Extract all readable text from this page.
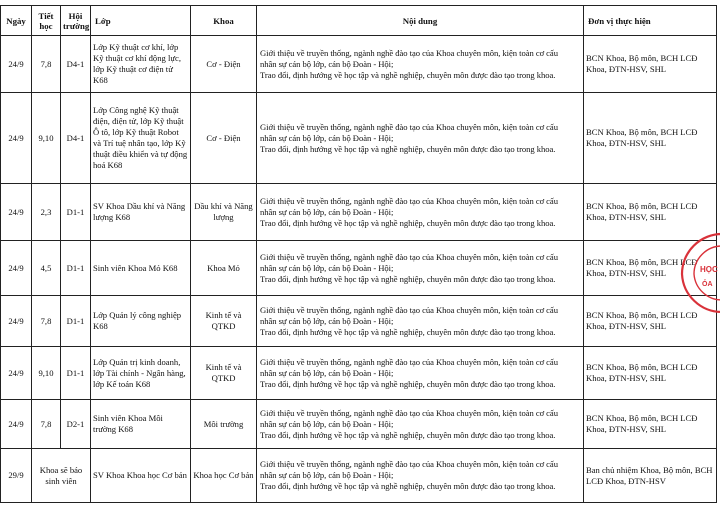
Ngày	Tiết học	Hội trường	Lớp	Khoa	Nội dung	Đơn vị thực hiện
24/9	7,8	D4-1	Lớp Kỹ thuật cơ khí, lớp Kỹ thuật cơ khí động lực, lớp Kỹ thuật cơ điện tử K68	Cơ - Điện	Giới thiệu về truyền thống, ngành nghề đào tạo của Khoa chuyên môn, kiện toàn cơ cấu
nhân sự cán bộ lớp, cán bộ Đoàn - Hội;
Trao đổi, định hướng về học tập và nghề nghiệp, chuyên môn được đào tạo trong khoa.	BCN Khoa, Bộ môn, BCH LCĐ Khoa, ĐTN-HSV, SHL
24/9	9,10	D4-1	Lớp Công nghệ Kỹ thuật điện, điện tử, lớp Kỹ thuật Ô tô, lớp Kỹ thuật Robot và Trí tuệ nhân tạo, lớp Kỹ thuật điều khiển và tự động hoá K68	Cơ - Điện	Giới thiệu về truyền thống, ngành nghề đào tạo của Khoa chuyên môn, kiện toàn cơ cấu
nhân sự cán bộ lớp, cán bộ Đoàn - Hội;
Trao đổi, định hướng về học tập và nghề nghiệp, chuyên môn được đào tạo trong khoa.	BCN Khoa, Bộ môn, BCH LCĐ Khoa, ĐTN-HSV, SHL
24/9	2,3	D1-1	SV Khoa Dầu khí và Năng lượng K68	Dầu khí và Năng lượng	Giới thiệu về truyền thống, ngành nghề đào tạo của Khoa chuyên môn, kiện toàn cơ cấu
nhân sự cán bộ lớp, cán bộ Đoàn - Hội;
Trao đổi, định hướng về học tập và nghề nghiệp, chuyên môn được đào tạo trong khoa.	BCN Khoa, Bộ môn, BCH LCĐ Khoa, ĐTN-HSV, SHL
24/9	4,5	D1-1	Sinh viên Khoa Mỏ K68	Khoa Mỏ	Giới thiệu về truyền thống, ngành nghề đào tạo của Khoa chuyên môn, kiện toàn cơ cấu
nhân sự cán bộ lớp, cán bộ Đoàn - Hội;
Trao đổi, định hướng về học tập và nghề nghiệp, chuyên môn được đào tạo trong khoa.	BCN Khoa, Bộ môn, BCH LCĐ Khoa, ĐTN-HSV, SHL
24/9	7,8	D1-1	Lớp Quản lý công nghiệp K68	Kinh tế và QTKD	Giới thiệu về truyền thống, ngành nghề đào tạo của Khoa chuyên môn, kiện toàn cơ cấu
nhân sự cán bộ lớp, cán bộ Đoàn - Hội;
Trao đổi, định hướng về học tập và nghề nghiệp, chuyên môn được đào tạo trong khoa.	BCN Khoa, Bộ môn, BCH LCĐ Khoa, ĐTN-HSV, SHL
24/9	9,10	D1-1	Lớp Quản trị kinh doanh, lớp Tài chính - Ngân hàng, lớp Kế toán K68	Kinh tế và QTKD	Giới thiệu về truyền thống, ngành nghề đào tạo của Khoa chuyên môn, kiện toàn cơ cấu
nhân sự cán bộ lớp, cán bộ Đoàn - Hội;
Trao đổi, định hướng về học tập và nghề nghiệp, chuyên môn được đào tạo trong khoa.	BCN Khoa, Bộ môn, BCH LCĐ Khoa, ĐTN-HSV, SHL
24/9	7,8	D2-1	Sinh viên Khoa Môi trường K68	Môi trường	Giới thiệu về truyền thống, ngành nghề đào tạo của Khoa chuyên môn, kiện toàn cơ cấu
nhân sự cán bộ lớp, cán bộ Đoàn - Hội;
Trao đổi, định hướng về học tập và nghề nghiệp, chuyên môn được đào tạo trong khoa.	BCN Khoa, Bộ môn, BCH LCĐ Khoa, ĐTN-HSV, SHL
29/9	Khoa sẽ báo sinh viên		SV Khoa Khoa học Cơ bản	Khoa học Cơ bản	Giới thiệu về truyền thống, ngành nghề đào tạo của Khoa chuyên môn, kiện toàn cơ cấu
nhân sự cán bộ lớp, cán bộ Đoàn - Hội;
Trao đổi, định hướng về học tập và nghề nghiệp, chuyên môn được đào tạo trong khoa.	Ban chủ nhiệm Khoa, Bộ môn, BCH LCĐ Khoa, ĐTN-HSV
HỌC
ỎA
